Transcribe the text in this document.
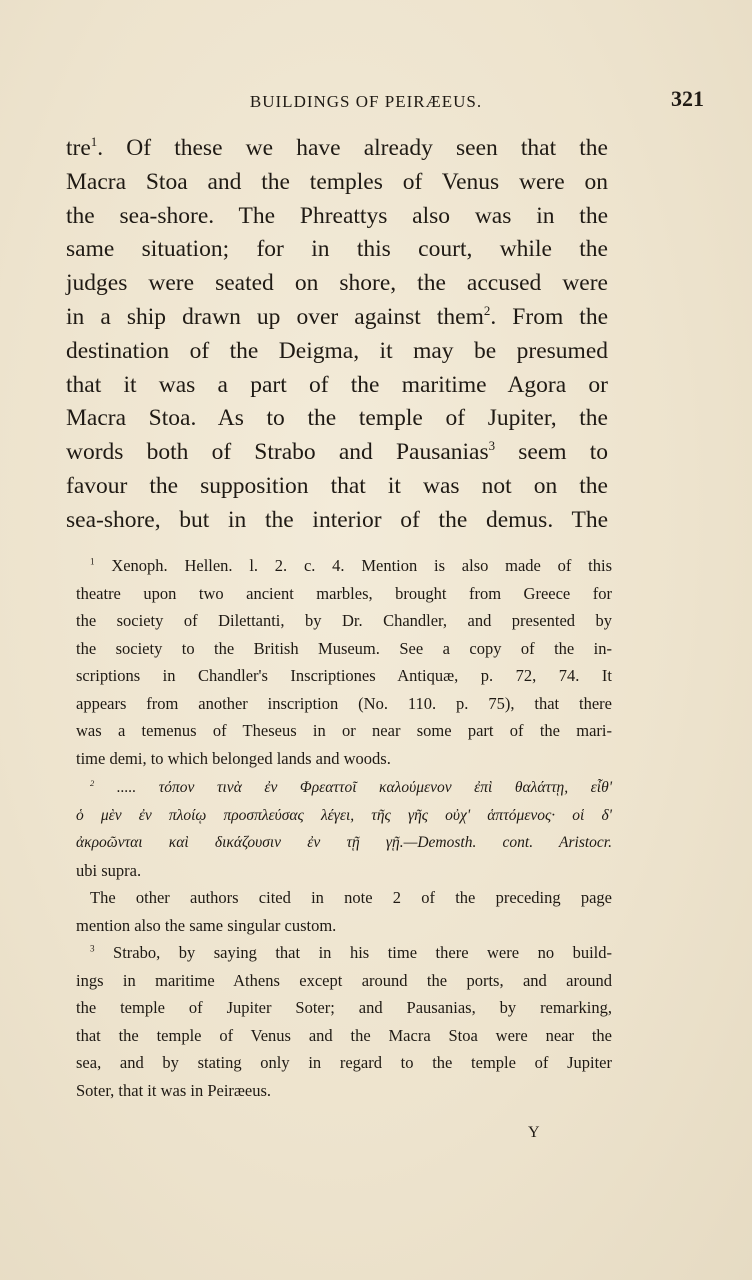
BUILDINGS OF PEIRÆEUS.	321
tre$^1$. Of these we have already seen that the
Macra Stoa and the temples of Venus were on
the sea-shore. The Phreattys also was in the
same situation; for in this court, while the
judges were seated on shore, the accused were
in a ship drawn up over against them$^2$. From the
destination of the Deigma, it may be presumed
that it was a part of the maritime Agora or
Macra Stoa. As to the temple of Jupiter, the
words both of Strabo and Pausanias$^3$ seem to
favour the supposition that it was not on the
sea-shore, but in the interior of the demus. The
$^1$ Xenoph. Hellen. l. 2. c. 4. Mention is also made of this
theatre upon two ancient marbles, brought from Greece for
the society of Dilettanti, by Dr. Chandler, and presented by
the society to the British Museum. See a copy of the in-
scriptions in Chandler's Inscriptiones Antiquæ, p. 72, 74. It
appears from another inscription (No. 110. p. 75), that there
was a temenus of Theseus in or near some part of the mari-
time demi, to which belonged lands and woods.
$^2$ ..... τόπον τινὰ ἐν Φρεαττοῖ καλούμενον ἐπὶ θαλάττῃ, εἶθ'
ὁ μὲν ἐν πλοίῳ προσπλεύσας λέγει, τῆς γῆς οὐχ' ἁπτόμενος· οἱ δ'
ἀκροῶνται καὶ δικάζουσιν ἐν τῇ γῇ.—Demosth. cont. Aristocr.
ubi supra.
The other authors cited in note 2 of the preceding page
mention also the same singular custom.
$^3$ Strabo, by saying that in his time there were no build-
ings in maritime Athens except around the ports, and around
the temple of Jupiter Soter; and Pausanias, by remarking,
that the temple of Venus and the Macra Stoa were near the
sea, and by stating only in regard to the temple of Jupiter
Soter, that it was in Peiræeus.
Y
